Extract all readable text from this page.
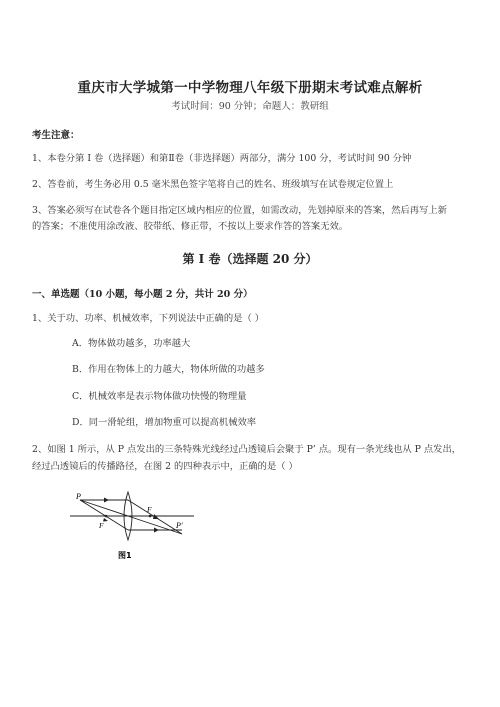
重庆市大学城第一中学物理八年级下册期末考试难点解析
考试时间：90 分钟；命题人：教研组
考生注意：
1、本卷分第 I 卷（选择题）和第Ⅱ卷（非选择题）两部分，满分 100 分，考试时间 90 分钟
2、答卷前，考生务必用 0.5 毫米黑色签字笔将自己的姓名、班级填写在试卷规定位置上
3、答案必须写在试卷各个题目指定区域内相应的位置，如需改动，先划掉原来的答案，然后再写上新
的答案；不准使用涂改液、胶带纸、修正带，不按以上要求作答的答案无效。
第 I 卷（选择题 20 分）
一、单选题（10 小题，每小题 2 分，共计 20 分）
1、关于功、功率、机械效率，下列说法中正确的是（ ）
A．物体做功越多，功率越大
B．作用在物体上的力越大，物体所做的功越多
C．机械效率是表示物体做功快慢的物理量
D．同一滑轮组，增加物重可以提高机械效率
2、如图 1 所示，从 P 点发出的三条特殊光线经过凸透镜后会聚于 P’ 点。现有一条光线也从 P 点发出，
经过凸透镜后的传播路径，在图 2 的四种表示中，正确的是（ ）
P
F
F
P′
图1
